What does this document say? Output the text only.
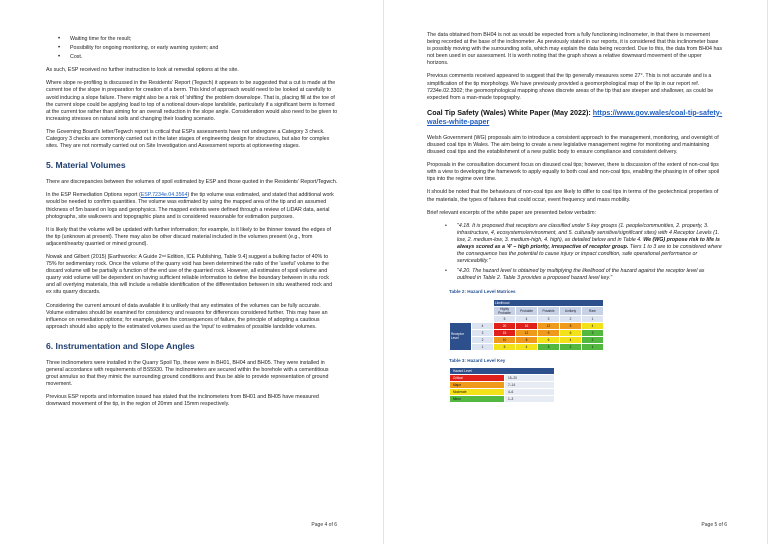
• Waiting time for the result;
• Possibility for ongoing monitoring, or early warning system; and
• Cost.

As such, ESP received no further instruction to look at remedial options at the site.

Where slope re-profiling is discussed in the Residents' Report (Tegwch) it appears to be suggested that a cut is made at the current toe of the slope in preparation for creation of a berm. This kind of approach would need to be looked at carefully to avoid inducing a slope failure. There might also be a risk of 'shifting' the problem downslope. That is, placing fill at the toe of the current slope could be applying load to top of a notional down-slope landslide, particularly if a significant berm is formed at the current toe rather than aiming for an overall reduction in the slope angle. Consideration would also need to be given to increasing stresses on natural soils and changing their loading scenario.

The Governing Board's letter/Tegwch report is critical that ESPs assessments have not undergone a Category 3 check. Category 3 checks are commonly carried out in the later stages of engineering design for structures, but also for complex sites. They are not normally carried out on Site Investigation and Assessment reports at optioneering stages.

5. Material Volumes

There are discrepancies between the volumes of spoil estimated by ESP and those quoted in the Residents' Report/Tegwch.

In the ESP Remediation Options report (ESP.7234e.04.3564) the tip volume was estimated, and stated that additional work would be needed to confirm quantities. The volume was estimated by using the mapped area of the tip and an assumed thickness of 5m based on logs and geophysics. The mapped extents were defined through a review of LiDAR data, aerial photographs, site walkovers and topographic plans and is considered reasonable for estimation purposes.

It is likely that the volume will be updated with further information; for example, is it likely to be thinner toward the edges of the tip (unknown at present). There may also be other discard material included in the volumes present (e.g., from adjacent/nearby quarried or mined ground).

Nowak and Gilbert (2015) [Earthworks: A Guide 2nd Edition, ICE Publishing, Table 9.4] suggest a bulking factor of 40% to 75% for sedimentary rock. Once the volume of the quarry void has been determined the ratio of the 'useful' volume to the discard volume will be partially a function of the end use of the quarried rock. However, all estimates of spoil volume and quarry void volume will be dependent on having sufficient reliable information to define the boundary between in situ rock and all overlying materials, this will include a reliable identification of the differentiation between in situ weathered rock and ex situ quarry discards.

Considering the current amount of data available it is unlikely that any estimates of the volumes can be fully accurate. Volume estimates should be examined for consistency and reasons for differences considered further. This may have an influence on remediation options; for example, given the consequences of failure, the principle of adopting a cautious approach should also apply to the estimated volumes used as the 'input' to estimates of possible landslide volumes.

6. Instrumentation and Slope Angles

Three inclinometers were installed in the Quarry Spoil Tip, these were in BH01, BH04 and BH05. They were installed in general accordance with requirements of BS5930. The inclinometers are secured within the borehole with a cementitious grout annulus so that they mimic the surrounding ground conditions and thus be able to provide representation of ground movement.

Previous ESP reports and information issued has stated that the inclinometers from BH01 and BH05 have measured downward movement of the tip, in the region of 20mm and 15mm respectively.

Page 4 of 6

The data obtained from BH04 is not as would be expected from a fully functioning inclinometer, in that there is movement being recorded at the base of the inclinometer. As previously stated in our reports, it is considered that this inclinometer base is possibly moving with the surrounding soils, which may explain the data being recorded. Due to this, the data from BH04 has not been used in our assessment. It is worth noting that the graph shows a relative downward movement of the upper horizons.

Previous comments received appeared to suggest that the tip generally measures some 27°. This is not accurate and is a simplification of the tip morphology. We have previously provided a geomorphological map of the tip in our report ref. 7234e.02.3302; the geomorphological mapping shows discrete areas of the tip that are steeper and shallower, as could be expected from a man-made topography.

Coal Tip Safety (Wales) White Paper (May 2022): https://www.gov.wales/coal-tip-safety-wales-white-paper

Welsh Government (WG) proposals aim to introduce a consistent approach to the management, monitoring, and oversight of disused coal tips in Wales. The aim being to create a new legislative management regime for monitoring and maintaining disused coal tips and the establishment of a new public body to ensure compliance and consistent delivery.

Proposals in the consultation document focus on disused coal tips; however, there is discussion of the extent of non-coal tips with a view to developing the framework to apply equally to both coal and non-coal tips, enabling the phasing in of other spoil tips into the regime over time.

It should be noted that the behaviours of non-coal tips are likely to differ to coal tips in terms of the geotechnical properties of the materials, the types of failures that could occur, event frequency and mass mobility.

Brief relevant excerpts of the white paper are presented below verbatim:

• "4.18. It is proposed that receptors are classified under 5 key groups (1. people/communities, 2. property, 3. infrastructure, 4, ecosystems/environment, and 5. culturally sensitive/significant sites) with 4 Receptor Levels (1. low, 2. medium-low, 3. medium-high, 4. high), as detailed below and in Table 4. We (WG) propose risk to life is always scored as a '4' – high priority, irrespective of receptor group. Tiers 1 to 3 are to be considered where the consequence has the potential to cause injury or impact condition, safe operational performance or serviceability."
• "4.20. The hazard level is obtained by multiplying the likelihood of the hazard against the receptor level as outlined in Table 2. Table 3 provides a proposed hazard level key."
Table 2: Hazard Level Matrices
		Likelihood				
		Highly Probable	Probable	Possible	Unlikely	Rare
		5	4	3	2	1
Receptor Level	4	20	16	12	8	4
	3	15	12	9	6	3
	2	10	8	6	4	2
	1	5	4	3	2	1
Table 3: Hazard Level Key
Hazard Level	
Critical	15–20
Major	7–14
Moderate	4–6
Minor	1–3
Page 5 of 6
